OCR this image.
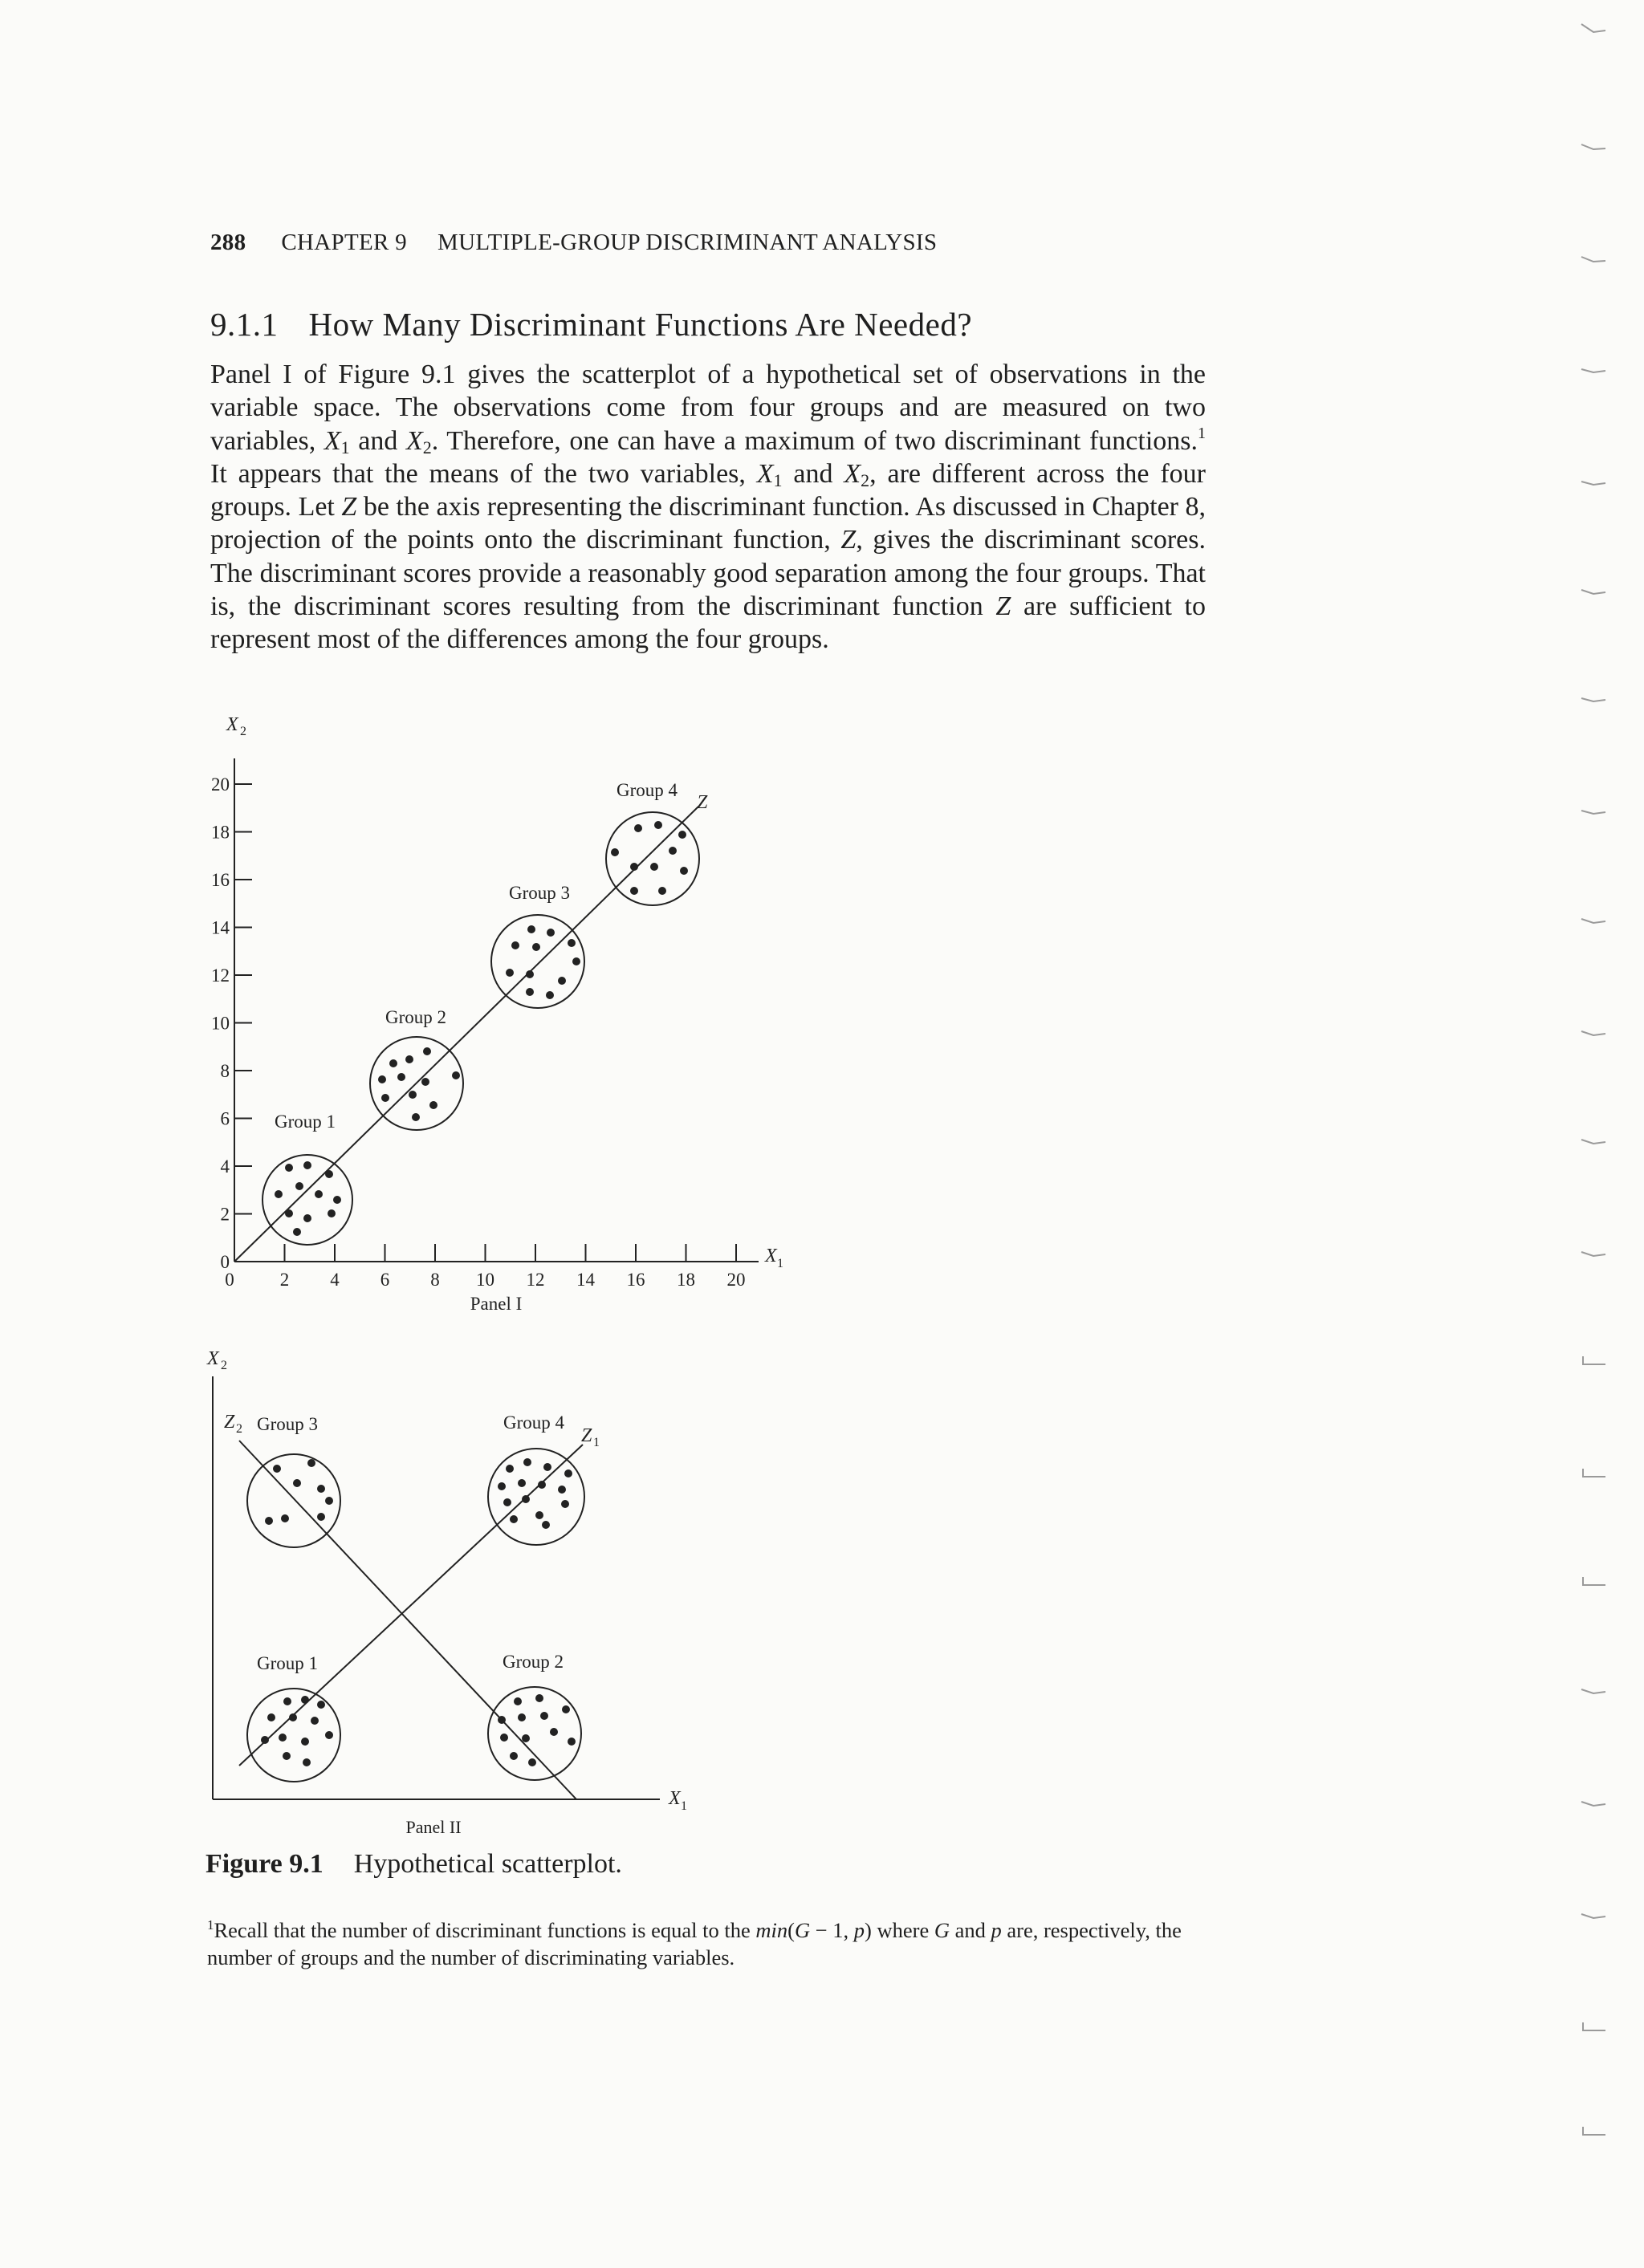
288 CHAPTER 9 MULTIPLE-GROUP DISCRIMINANT ANALYSIS
9.1.1 How Many Discriminant Functions Are Needed?
Panel I of Figure 9.1 gives the scatterplot of a hypothetical set of observations in the variable space. The observations come from four groups and are measured on two variables, $X_1$ and $X_2$. Therefore, one can have a maximum of two discriminant functions.$^1$ It appears that the means of the two variables, $X_1$ and $X_2$, are different across the four groups. Let Z be the axis representing the discriminant function. As discussed in Chapter 8, projection of the points onto the discriminant function, Z, gives the discriminant scores. The discriminant scores provide a reasonably good separation among the four groups. That is, the discriminant scores resulting from the discriminant function Z are sufficient to represent most of the differences among the four groups.
X 2
20
18
16
14
12
10
8
6
4
2
0
0 2 4 6 8 10 12 14 16 18 20
X 1
Z
Group 1
Group 2
Group 3
Group 4
Panel I
X 2
X 1
Z 1
Z 2 Group 3	Group 4
Group 1	Group 2
Panel II
Figure 9.1 Hypothetical scatterplot.
$^1$Recall that the number of discriminant functions is equal to the min(G − 1, p) where G and p are, respectively, the number of groups and the number of discriminating variables.
